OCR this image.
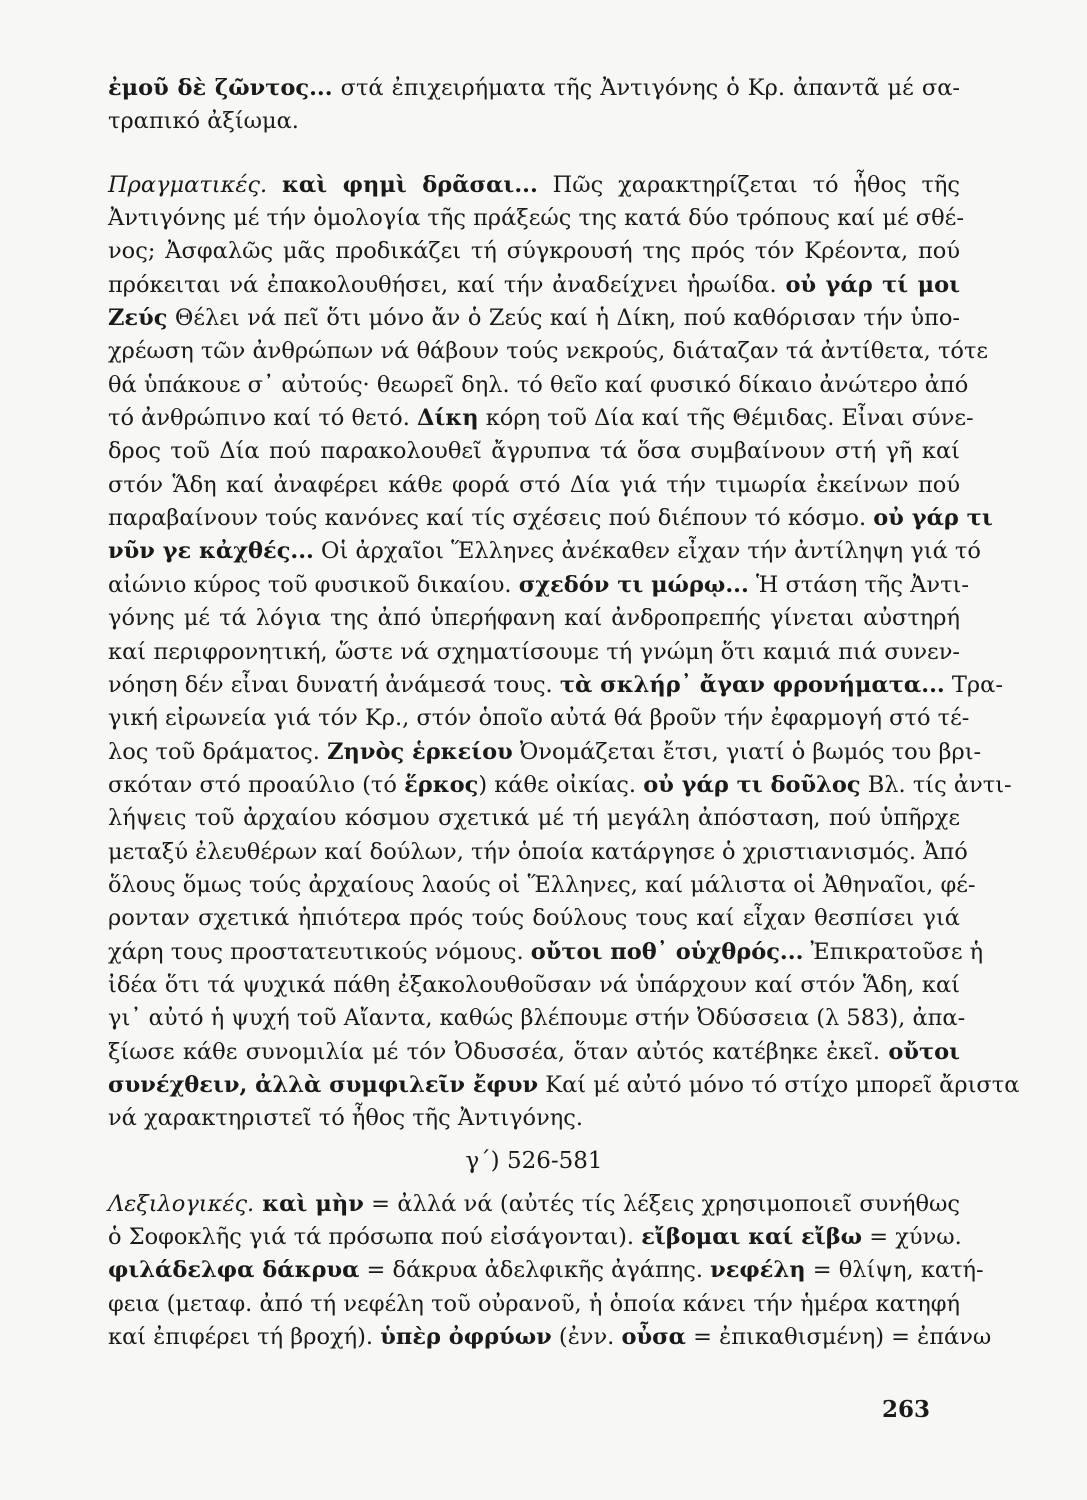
ἐμοῦ δὲ ζῶντος... στά ἐπιχειρήματα τῆς Ἀντιγόνης ὁ Κρ. ἀπαντᾶ μέ σα-
τραπικό ἀξίωμα.
Πραγματικές. καὶ φημὶ δρᾶσαι... Πῶς χαρακτηρίζεται τό ἦθος τῆς
Ἀντιγόνης μέ τήν ὁμολογία τῆς πράξεώς της κατά δύο τρόπους καί μέ σθέ-
νος; Ἀσφαλῶς μᾶς προδικάζει τή σύγκρουσή της πρός τόν Κρέοντα, πού
πρόκειται νά ἐπακολουθήσει, καί τήν ἀναδείχνει ἡρωίδα. οὐ γάρ τί μοι
Ζεύς Θέλει νά πεῖ ὅτι μόνο ἄν ὁ Ζεύς καί ἡ Δίκη, πού καθόρισαν τήν ὑπο-
χρέωση τῶν ἀνθρώπων νά θάβουν τούς νεκρούς, διάταζαν τά ἀντίθετα, τότε
θά ὑπάκουε σ᾽ αὐτούς· θεωρεῖ δηλ. τό θεῖο καί φυσικό δίκαιο ἀνώτερο ἀπό
τό ἀνθρώπινο καί τό θετό. Δίκη κόρη τοῦ Δία καί τῆς Θέμιδας. Εἶναι σύνε-
δρος τοῦ Δία πού παρακολουθεῖ ἄγρυπνα τά ὅσα συμβαίνουν στή γῆ καί
στόν Ἅδη καί ἀναφέρει κάθε φορά στό Δία γιά τήν τιμωρία ἐκείνων πού
παραβαίνουν τούς κανόνες καί τίς σχέσεις πού διέπουν τό κόσμο. οὐ γάρ τι
νῦν γε κἀχθές... Οἱ ἀρχαῖοι Ἕλληνες ἀνέκαθεν εἶχαν τήν ἀντίληψη γιά τό
αἰώνιο κύρος τοῦ φυσικοῦ δικαίου. σχεδόν τι μώρῳ... Ἡ στάση τῆς Ἀντι-
γόνης μέ τά λόγια της ἀπό ὑπερήφανη καί ἀνδροπρεπής γίνεται αὐστηρή
καί περιφρονητική, ὥστε νά σχηματίσουμε τή γνώμη ὅτι καμιά πιά συνεν-
νόηση δέν εἶναι δυνατή ἀνάμεσά τους. τὰ σκλήρ᾽ ἄγαν φρονήματα... Τρα-
γική εἰρωνεία γιά τόν Κρ., στόν ὁποῖο αὐτά θά βροῦν τήν ἐφαρμογή στό τέ-
λος τοῦ δράματος. Ζηνὸς ἑρκείου Ὀνομάζεται ἔτσι, γιατί ὁ βωμός του βρι-
σκόταν στό προαύλιο (τό ἕρκος) κάθε οἰκίας. οὐ γάρ τι δοῦλος Βλ. τίς ἀντι-
λήψεις τοῦ ἀρχαίου κόσμου σχετικά μέ τή μεγάλη ἀπόσταση, πού ὑπῆρχε
μεταξύ ἐλευθέρων καί δούλων, τήν ὁποία κατάργησε ὁ χριστιανισμός. Ἀπό
ὅλους ὅμως τούς ἀρχαίους λαούς οἱ Ἕλληνες, καί μάλιστα οἱ Ἀθηναῖοι, φέ-
ρονταν σχετικά ἠπιότερα πρός τούς δούλους τους καί εἶχαν θεσπίσει γιά
χάρη τους προστατευτικούς νόμους. οὔτοι ποθ᾽ οὑχθρός... Ἐπικρατοῦσε ἡ
ἰδέα ὅτι τά ψυχικά πάθη ἐξακολουθοῦσαν νά ὑπάρχουν καί στόν Ἅδη, καί
γι᾽ αὐτό ἡ ψυχή τοῦ Αἴαντα, καθώς βλέπουμε στήν Ὀδύσσεια (λ 583), ἀπα-
ξίωσε κάθε συνομιλία μέ τόν Ὀδυσσέα, ὅταν αὐτός κατέβηκε ἐκεῖ. οὔτοι
συνέχθειν, ἀλλὰ συμφιλεῖν ἔφυν Καί μέ αὐτό μόνο τό στίχο μπορεῖ ἄριστα
νά χαρακτηριστεῖ τό ἦθος τῆς Ἀντιγόνης.
γ΄) 526-581
Λεξιλογικές. καὶ μὴν = ἀλλά νά (αὐτές τίς λέξεις χρησιμοποιεῖ συνήθως
ὁ Σοφοκλῆς γιά τά πρόσωπα πού εἰσάγονται). εἴβομαι καί εἴβω = χύνω.
φιλάδελφα δάκρυα = δάκρυα ἀδελφικῆς ἀγάπης. νεφέλη = θλίψη, κατή-
φεια (μεταφ. ἀπό τή νεφέλη τοῦ οὐρανοῦ, ἡ ὁποία κάνει τήν ἡμέρα κατηφή
καί ἐπιφέρει τή βροχή). ὑπὲρ ὀφρύων (ἐνν. οὖσα = ἐπικαθισμένη) = ἐπάνω
263
